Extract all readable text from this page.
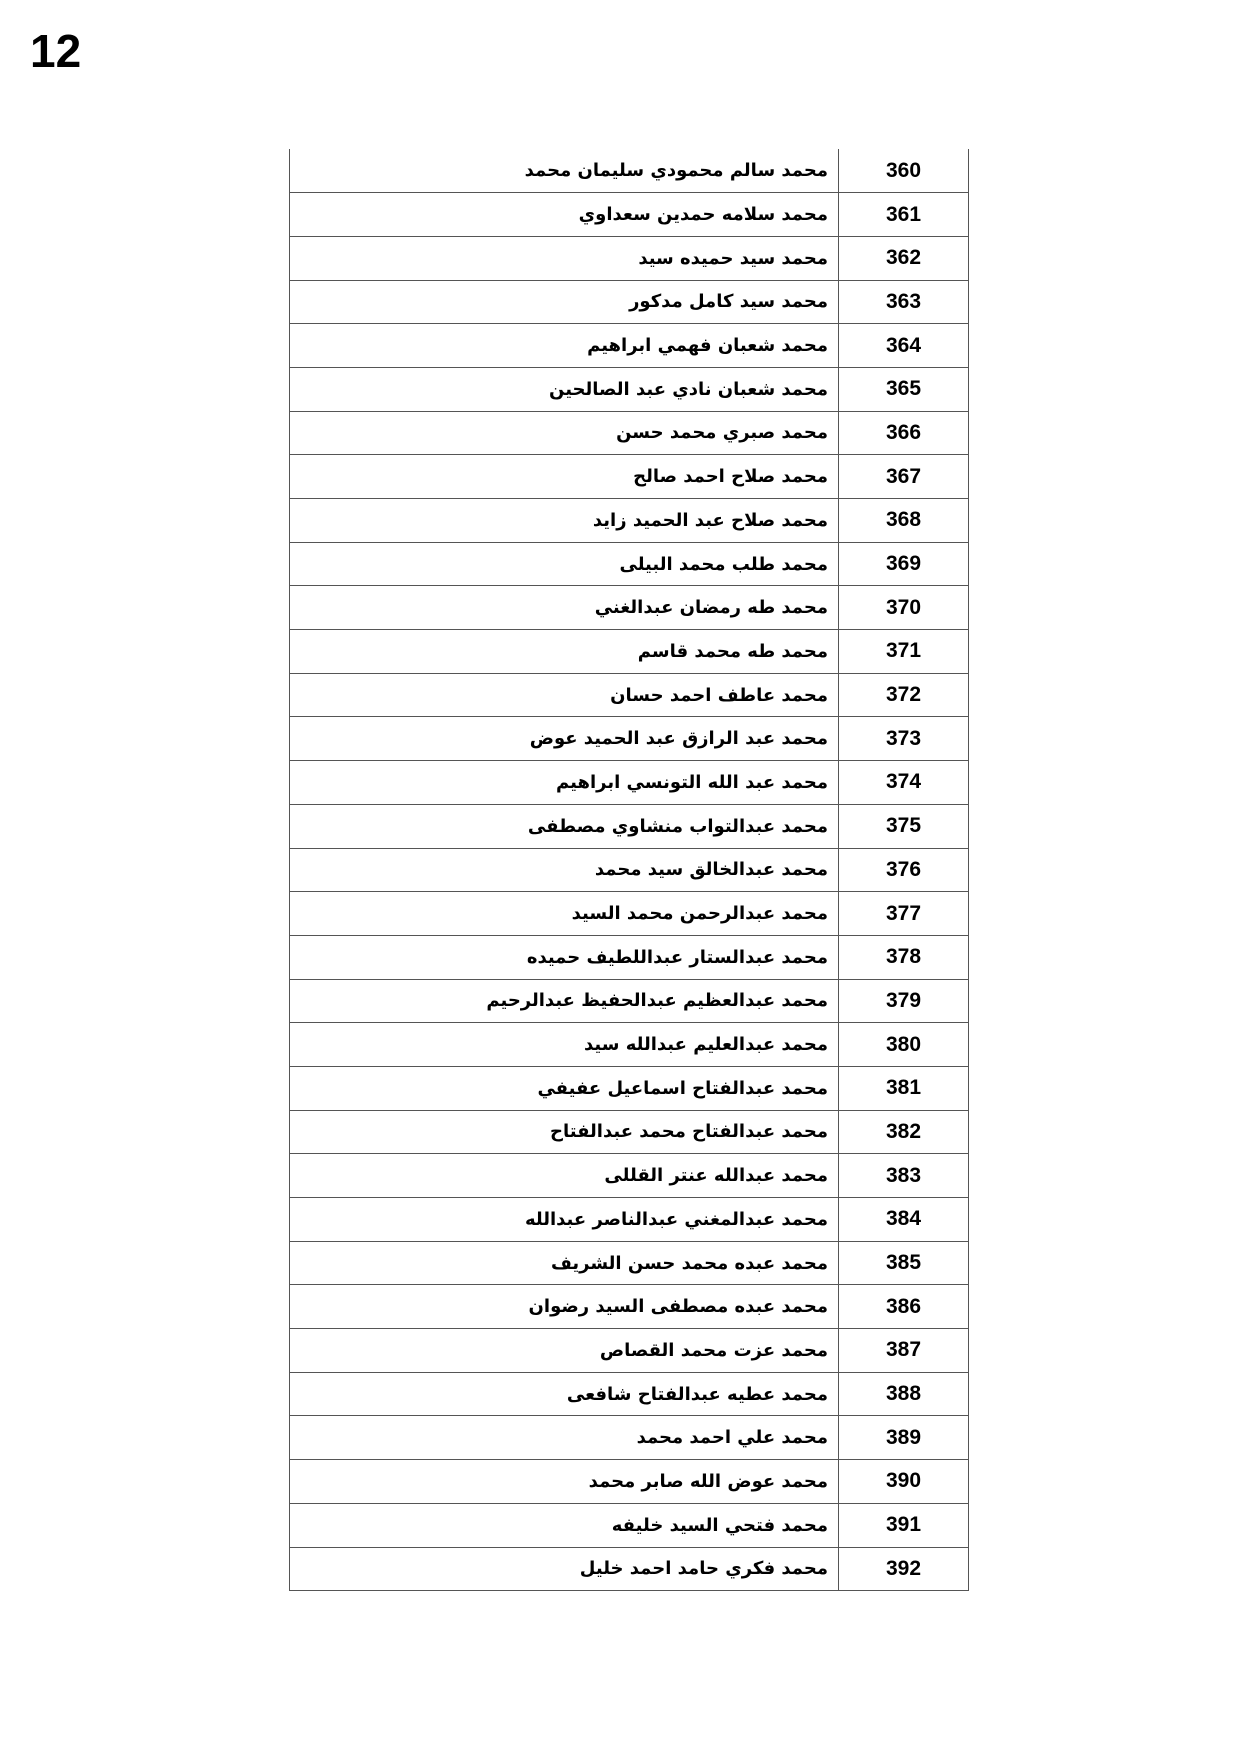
12
محمد سالم محمودي سليمان محمد	360
محمد سلامه حمدين سعداوي	361
محمد سيد حميده سيد	362
محمد سيد كامل مدكور	363
محمد شعبان فهمي ابراهيم	364
محمد شعبان نادي عبد الصالحين	365
محمد صبري محمد حسن	366
محمد صلاح احمد صالح	367
محمد صلاح عبد الحميد زايد	368
محمد طلب محمد البيلى	369
محمد طه رمضان عبدالغني	370
محمد طه محمد قاسم	371
محمد عاطف احمد حسان	372
محمد عبد الرازق عبد الحميد عوض	373
محمد عبد الله التونسي ابراهيم	374
محمد عبدالتواب منشاوي مصطفى	375
محمد عبدالخالق سيد محمد	376
محمد عبدالرحمن محمد السيد	377
محمد عبدالستار عبداللطيف حميده	378
محمد عبدالعظيم عبدالحفيظ عبدالرحيم	379
محمد عبدالعليم عبدالله سيد	380
محمد عبدالفتاح اسماعيل عفيفي	381
محمد عبدالفتاح محمد عبدالفتاح	382
محمد عبدالله عنتر القللى	383
محمد عبدالمغني عبدالناصر عبدالله	384
محمد عبده محمد حسن الشريف	385
محمد عبده مصطفى السيد رضوان	386
محمد عزت محمد القصاص	387
محمد عطيه عبدالفتاح شافعى	388
محمد علي احمد محمد	389
محمد عوض الله صابر محمد	390
محمد فتحي السيد خليفه	391
محمد فكري حامد احمد خليل	392
